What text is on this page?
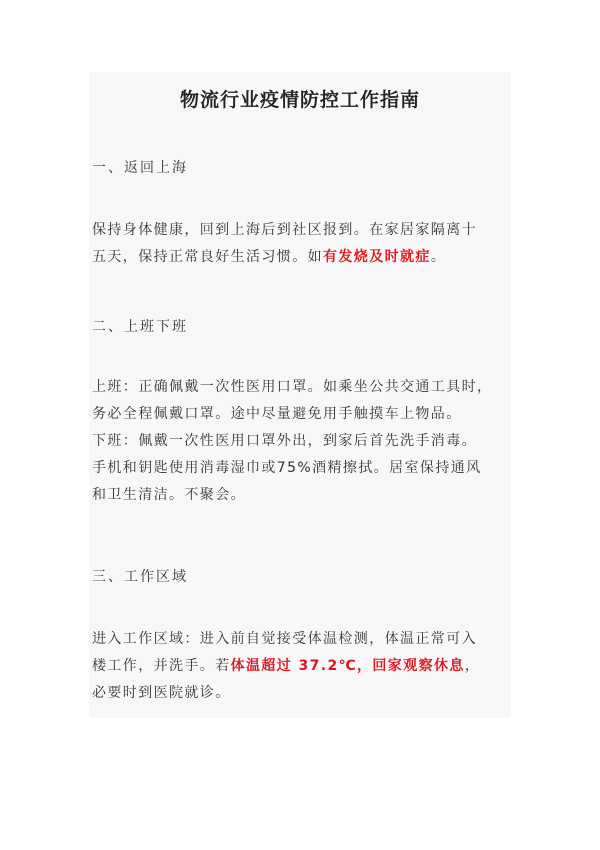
物流行业疫情防控工作指南
一、返回上海
保持身体健康，回到上海后到社区报到。在家居家隔离十
五天，保持正常良好生活习惯。如有发烧及时就症。
二、上班下班
上班：正确佩戴一次性医用口罩。如乘坐公共交通工具时，
务必全程佩戴口罩。途中尽量避免用手触摸车上物品。
下班：佩戴一次性医用口罩外出，到家后首先洗手消毒。
手机和钥匙使用消毒湿巾或75%酒精擦拭。居室保持通风
和卫生清洁。不聚会。
三、工作区域
进入工作区域：进入前自觉接受体温检测，体温正常可入
楼工作，并洗手。若体温超过 37.2℃，回家观察休息，
必要时到医院就诊。
